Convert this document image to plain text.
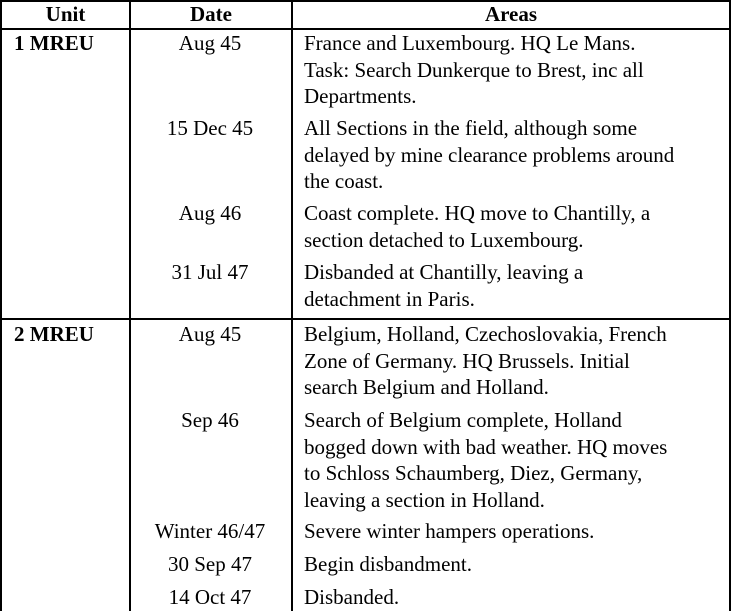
Unit	Date	Areas
1 MREU	Aug 45	France and Luxembourg. HQ Le Mans.
Task: Search Dunkerque to Brest, inc all
Departments.
15 Dec 45	All Sections in the field, although some
delayed by mine clearance problems around
the coast.
Aug 46	Coast complete. HQ move to Chantilly, a
section detached to Luxembourg.
31 Jul 47	Disbanded at Chantilly, leaving a
detachment in Paris.
2 MREU	Aug 45	Belgium, Holland, Czechoslovakia, French
Zone of Germany. HQ Brussels. Initial
search Belgium and Holland.
Sep 46	Search of Belgium complete, Holland
bogged down with bad weather. HQ moves
to Schloss Schaumberg, Diez, Germany,
leaving a section in Holland.
Winter 46/47	Severe winter hampers operations.
30 Sep 47	Begin disbandment.
14 Oct 47	Disbanded.
